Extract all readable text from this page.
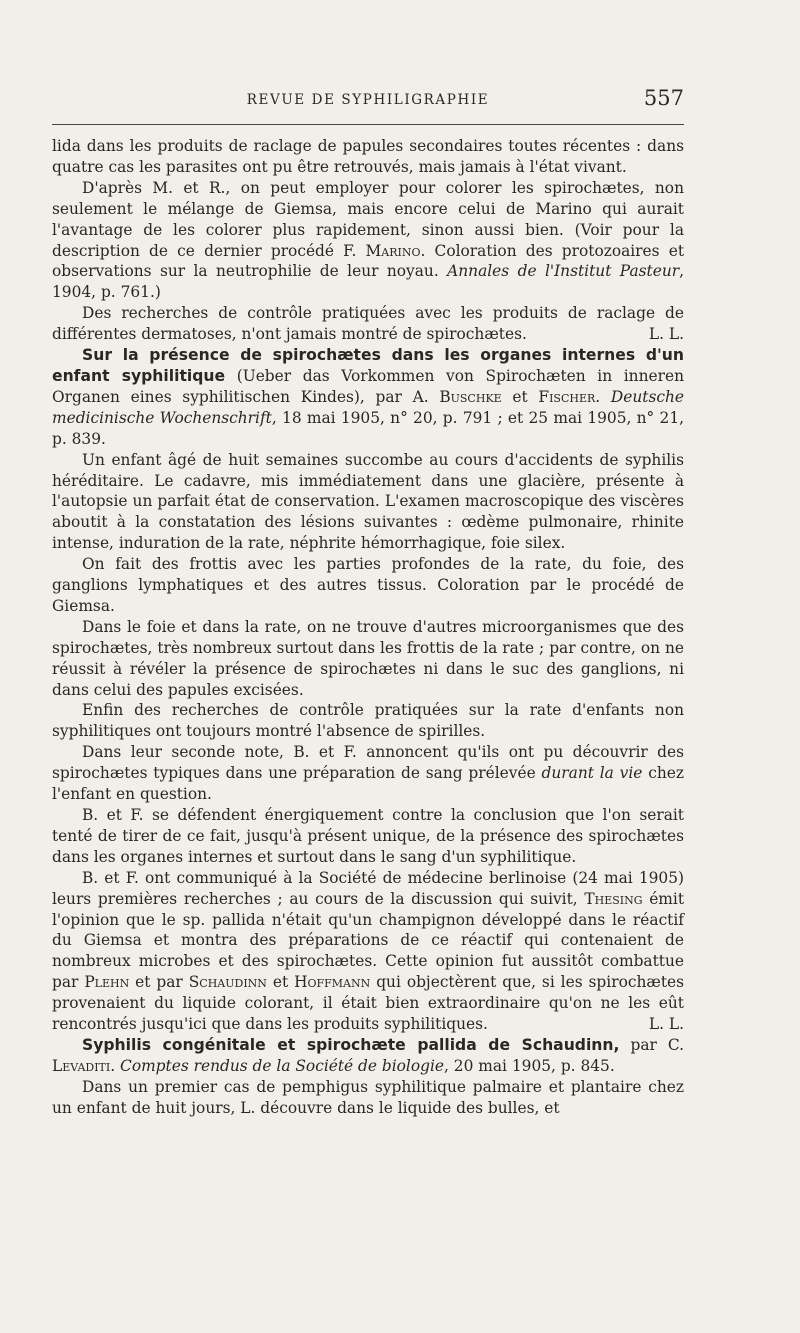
REVUE DE SYPHILIGRAPHIE	557

lida dans les produits de raclage de papules secondaires toutes récentes : dans quatre cas les parasites ont pu être retrouvés, mais jamais à l'état vivant.

D'après M. et R., on peut employer pour colorer les spirochætes, non seulement le mélange de Giemsa, mais encore celui de Marino qui aurait l'avantage de les colorer plus rapidement, sinon aussi bien. (Voir pour la description de ce dernier procédé F. Marino. Coloration des protozoaires et observations sur la neutrophilie de leur noyau. Annales de l'Institut Pasteur, 1904, p. 761.)

Des recherches de contrôle pratiquées avec les produits de raclage de différentes dermatoses, n'ont jamais montré de spirochætes.	L. L.

Sur la présence de spirochætes dans les organes internes d'un enfant syphilitique (Ueber das Vorkommen von Spirochæten in inneren Organen eines syphilitischen Kindes), par A. Buschke et Fischer. Deutsche medicinische Wochenschrift, 18 mai 1905, n° 20, p. 791 ; et 25 mai 1905, n° 21, p. 839.

Un enfant âgé de huit semaines succombe au cours d'accidents de syphilis héréditaire. Le cadavre, mis immédiatement dans une glacière, présente à l'autopsie un parfait état de conservation. L'examen macroscopique des viscères aboutit à la constatation des lésions suivantes : œdème pulmonaire, rhinite intense, induration de la rate, néphrite hémorrhagique, foie silex.

On fait des frottis avec les parties profondes de la rate, du foie, des ganglions lymphatiques et des autres tissus. Coloration par le procédé de Giemsa.

Dans le foie et dans la rate, on ne trouve d'autres microorganismes que des spirochætes, très nombreux surtout dans les frottis de la rate ; par contre, on ne réussit à révéler la présence de spirochætes ni dans le suc des ganglions, ni dans celui des papules excisées.

Enfin des recherches de contrôle pratiquées sur la rate d'enfants non syphilitiques ont toujours montré l'absence de spirilles.

Dans leur seconde note, B. et F. annoncent qu'ils ont pu découvrir des spirochætes typiques dans une préparation de sang prélevée durant la vie chez l'enfant en question.

B. et F. se défendent énergiquement contre la conclusion que l'on serait tenté de tirer de ce fait, jusqu'à présent unique, de la présence des spirochætes dans les organes internes et surtout dans le sang d'un syphilitique.

B. et F. ont communiqué à la Société de médecine berlinoise (24 mai 1905) leurs premières recherches ; au cours de la discussion qui suivit, Thesing émit l'opinion que le sp. pallida n'était qu'un champignon développé dans le réactif du Giemsa et montra des préparations de ce réactif qui contenaient de nombreux microbes et des spirochætes. Cette opinion fut aussitôt combattue par Plehn et par Schaudinn et Hoffmann qui objectèrent que, si les spirochætes provenaient du liquide colorant, il était bien extraordinaire qu'on ne les eût rencontrés jusqu'ici que dans les produits syphilitiques.	L. L.

Syphilis congénitale et spirochæte pallida de Schaudinn, par C. Levaditi. Comptes rendus de la Société de biologie, 20 mai 1905, p. 845.

Dans un premier cas de pemphigus syphilitique palmaire et plantaire chez un enfant de huit jours, L. découvre dans le liquide des bulles, et
